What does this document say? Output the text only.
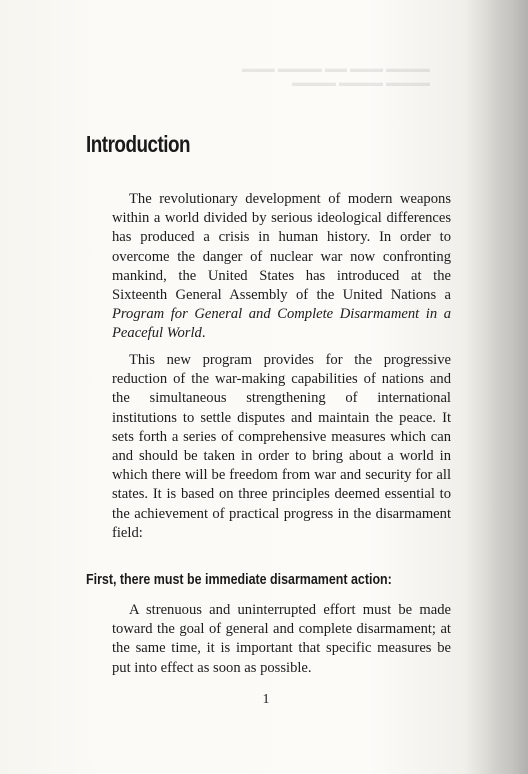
▬▬▬▬ ▬▬▬ ▬▬ ▬▬▬▬ ▬▬▬
▬▬▬▬ ▬▬▬▬ ▬▬▬▬
Introduction

The revolutionary development of modern weapons within a world divided by serious ideological differences has produced a crisis in human history. In order to overcome the danger of nuclear war now confronting mankind, the United States has introduced at the Sixteenth General Assembly of the United Nations a Program for General and Complete Disarmament in a Peaceful World.

This new program provides for the progressive reduction of the war-making capabilities of nations and the simultaneous strengthening of international institutions to settle disputes and maintain the peace. It sets forth a series of comprehensive measures which can and should be taken in order to bring about a world in which there will be freedom from war and security for all states. It is based on three principles deemed essential to the achievement of practical progress in the disarmament field:

First, there must be immediate disarmament action:

A strenuous and uninterrupted effort must be made toward the goal of general and complete disarmament; at the same time, it is important that specific measures be put into effect as soon as possible.

1
